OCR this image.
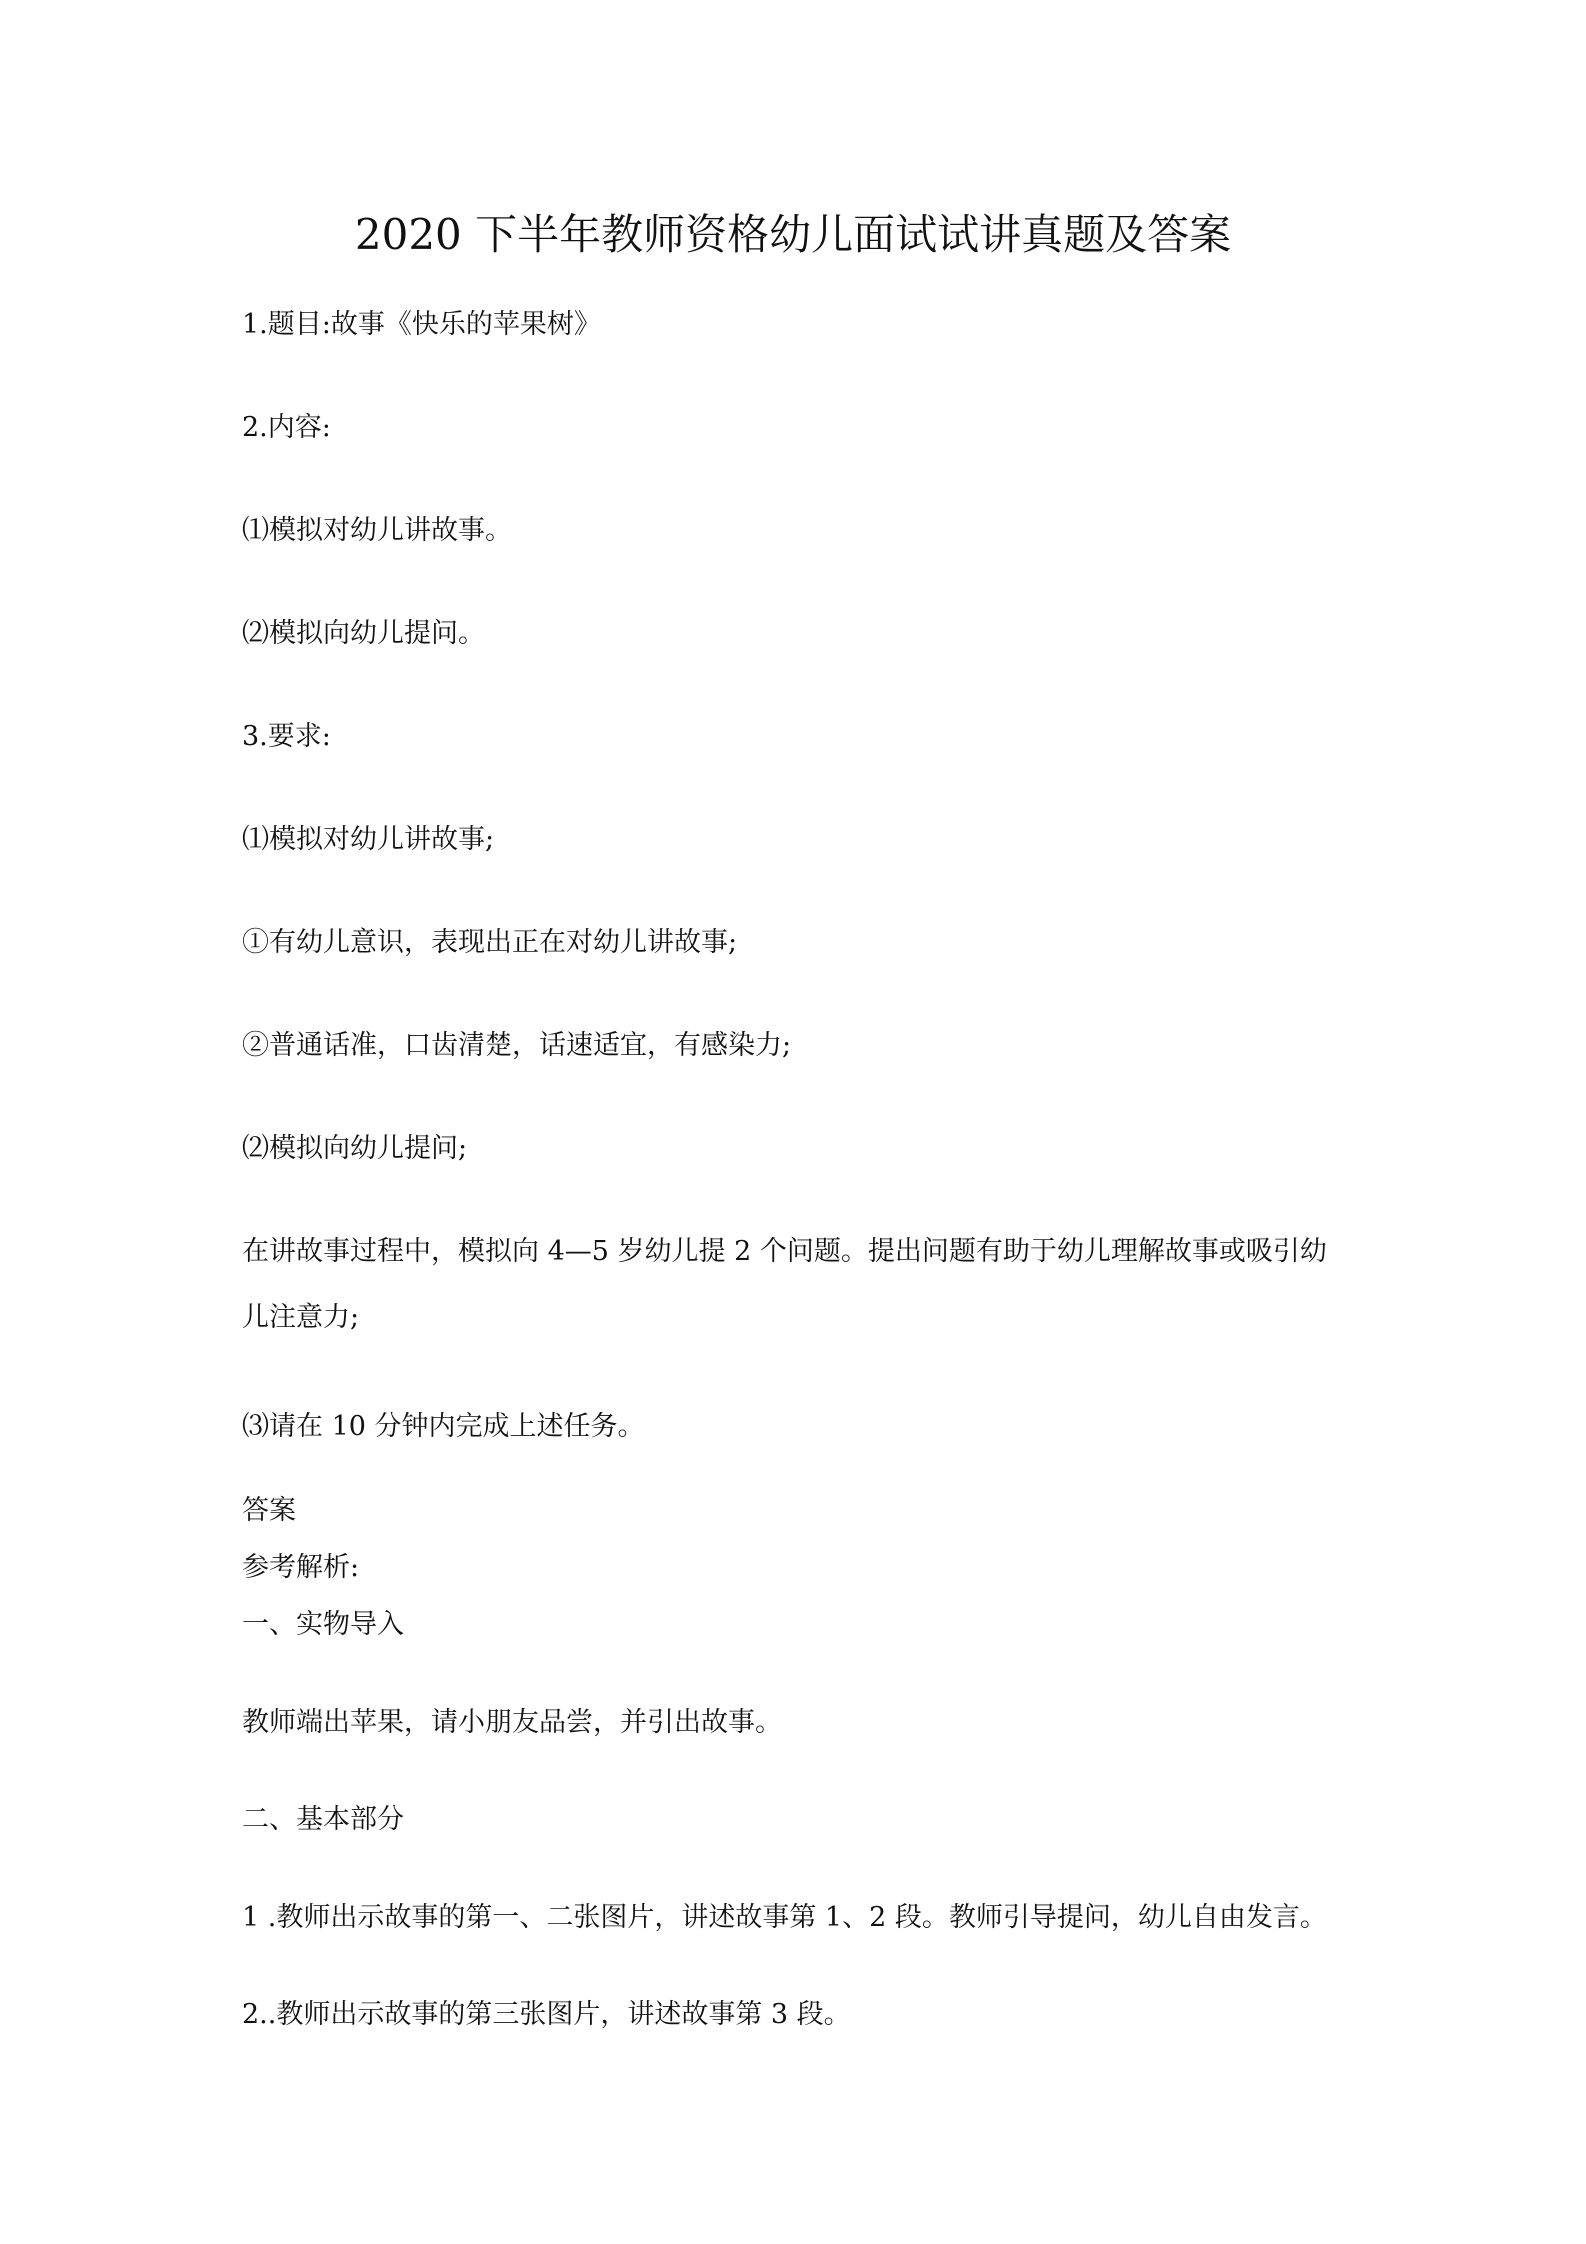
2020 下半年教师资格幼儿面试试讲真题及答案
1.题目:故事《快乐的苹果树》
2.内容:
⑴模拟对幼儿讲故事。
⑵模拟向幼儿提问。
3.要求:
⑴模拟对幼儿讲故事;
①有幼儿意识，表现出正在对幼儿讲故事;
②普通话准，口齿清楚，话速适宜，有感染力;
⑵模拟向幼儿提问;
在讲故事过程中，模拟向 4—5 岁幼儿提 2 个问题。提出问题有助于幼儿理解故事或吸引幼
儿注意力;
⑶请在 10 分钟内完成上述任务。
答案
参考解析:
一、实物导入
教师端出苹果，请小朋友品尝，并引出故事。
二、基本部分
1 .教师出示故事的第一、二张图片，讲述故事第 1、2 段。教师引导提问，幼儿自由发言。
2..教师出示故事的第三张图片，讲述故事第 3 段。
